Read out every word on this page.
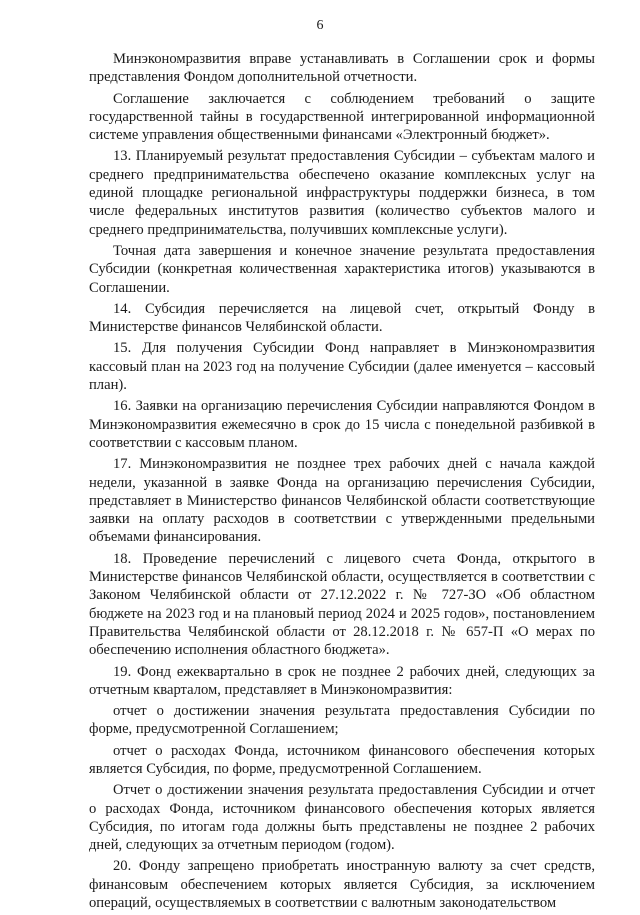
6

Минэкономразвития вправе устанавливать в Соглашении срок и формы представления Фондом дополнительной отчетности.

Соглашение заключается с соблюдением требований о защите государственной тайны в государственной интегрированной информационной системе управления общественными финансами «Электронный бюджет».

13. Планируемый результат предоставления Субсидии – субъектам малого и среднего предпринимательства обеспечено оказание комплексных услуг на единой площадке региональной инфраструктуры поддержки бизнеса, в том числе федеральных институтов развития (количество субъектов малого и среднего предпринимательства, получивших комплексные услуги).

Точная дата завершения и конечное значение результата предоставления Субсидии (конкретная количественная характеристика итогов) указываются в Соглашении.

14. Субсидия перечисляется на лицевой счет, открытый Фонду в Министерстве финансов Челябинской области.

15. Для получения Субсидии Фонд направляет в Минэкономразвития кассовый план на 2023 год на получение Субсидии (далее именуется – кассовый план).

16. Заявки на организацию перечисления Субсидии направляются Фондом в Минэкономразвития ежемесячно в срок до 15 числа с понедельной разбивкой в соответствии с кассовым планом.

17. Минэкономразвития не позднее трех рабочих дней с начала каждой недели, указанной в заявке Фонда на организацию перечисления Субсидии, представляет в Министерство финансов Челябинской области соответствующие заявки на оплату расходов в соответствии с утвержденными предельными объемами финансирования.

18. Проведение перечислений с лицевого счета Фонда, открытого в Министерстве финансов Челябинской области, осуществляется в соответствии с Законом Челябинской области от 27.12.2022 г. № 727-ЗО «Об областном бюджете на 2023 год и на плановый период 2024 и 2025 годов», постановлением Правительства Челябинской области от 28.12.2018 г. № 657-П «О мерах по обеспечению исполнения областного бюджета».

19. Фонд ежеквартально в срок не позднее 2 рабочих дней, следующих за отчетным кварталом, представляет в Минэкономразвития:

отчет о достижении значения результата предоставления Субсидии по форме, предусмотренной Соглашением;

отчет о расходах Фонда, источником финансового обеспечения которых является Субсидия, по форме, предусмотренной Соглашением.

Отчет о достижении значения результата предоставления Субсидии и отчет о расходах Фонда, источником финансового обеспечения которых является Субсидия, по итогам года должны быть представлены не позднее 2 рабочих дней, следующих за отчетным периодом (годом).

20. Фонду запрещено приобретать иностранную валюту за счет средств, финансовым обеспечением которых является Субсидия, за исключением операций, осуществляемых в соответствии с валютным законодательством
